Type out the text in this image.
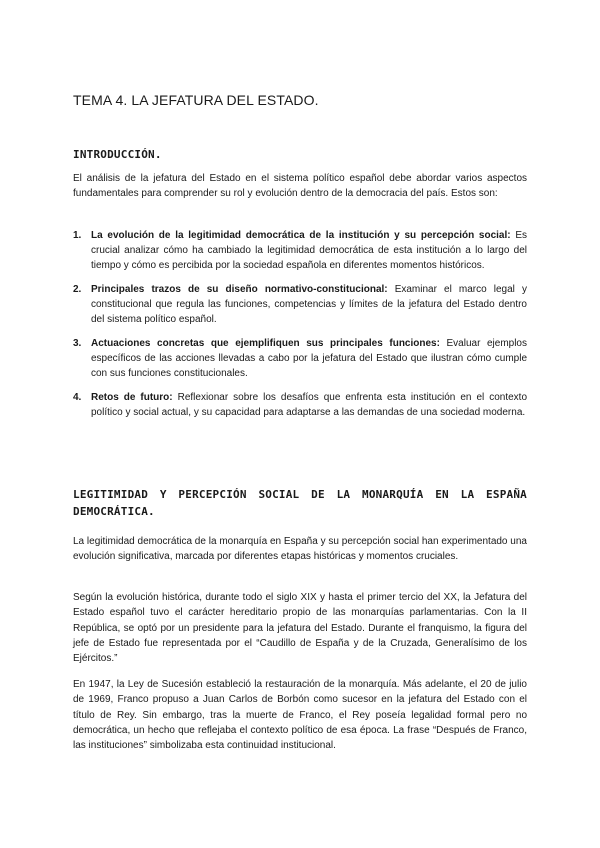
TEMA 4. LA JEFATURA DEL ESTADO.
INTRODUCCIÓN.

El análisis de la jefatura del Estado en el sistema político español debe abordar varios aspectos fundamentales para comprender su rol y evolución dentro de la democracia del país. Estos son:

1. La evolución de la legitimidad democrática de la institución y su percepción social: Es crucial analizar cómo ha cambiado la legitimidad democrática de esta institución a lo largo del tiempo y cómo es percibida por la sociedad española en diferentes momentos históricos.
2. Principales trazos de su diseño normativo-constitucional: Examinar el marco legal y constitucional que regula las funciones, competencias y límites de la jefatura del Estado dentro del sistema político español.
3. Actuaciones concretas que ejemplifiquen sus principales funciones: Evaluar ejemplos específicos de las acciones llevadas a cabo por la jefatura del Estado que ilustran cómo cumple con sus funciones constitucionales.
4. Retos de futuro: Reflexionar sobre los desafíos que enfrenta esta institución en el contexto político y social actual, y su capacidad para adaptarse a las demandas de una sociedad moderna.
LEGITIMIDAD Y PERCEPCIÓN SOCIAL DE LA MONARQUÍA EN LA ESPAÑA DEMOCRÁTICA.

La legitimidad democrática de la monarquía en España y su percepción social han experimentado una evolución significativa, marcada por diferentes etapas históricas y momentos cruciales.

Según la evolución histórica, durante todo el siglo XIX y hasta el primer tercio del XX, la Jefatura del Estado español tuvo el carácter hereditario propio de las monarquías parlamentarias. Con la II República, se optó por un presidente para la jefatura del Estado. Durante el franquismo, la figura del jefe de Estado fue representada por el “Caudillo de España y de la Cruzada, Generalísimo de los Ejércitos.”

En 1947, la Ley de Sucesión estableció la restauración de la monarquía. Más adelante, el 20 de julio de 1969, Franco propuso a Juan Carlos de Borbón como sucesor en la jefatura del Estado con el título de Rey. Sin embargo, tras la muerte de Franco, el Rey poseía legalidad formal pero no democrática, un hecho que reflejaba el contexto político de esa época. La frase “Después de Franco, las instituciones” simbolizaba esta continuidad institucional.
